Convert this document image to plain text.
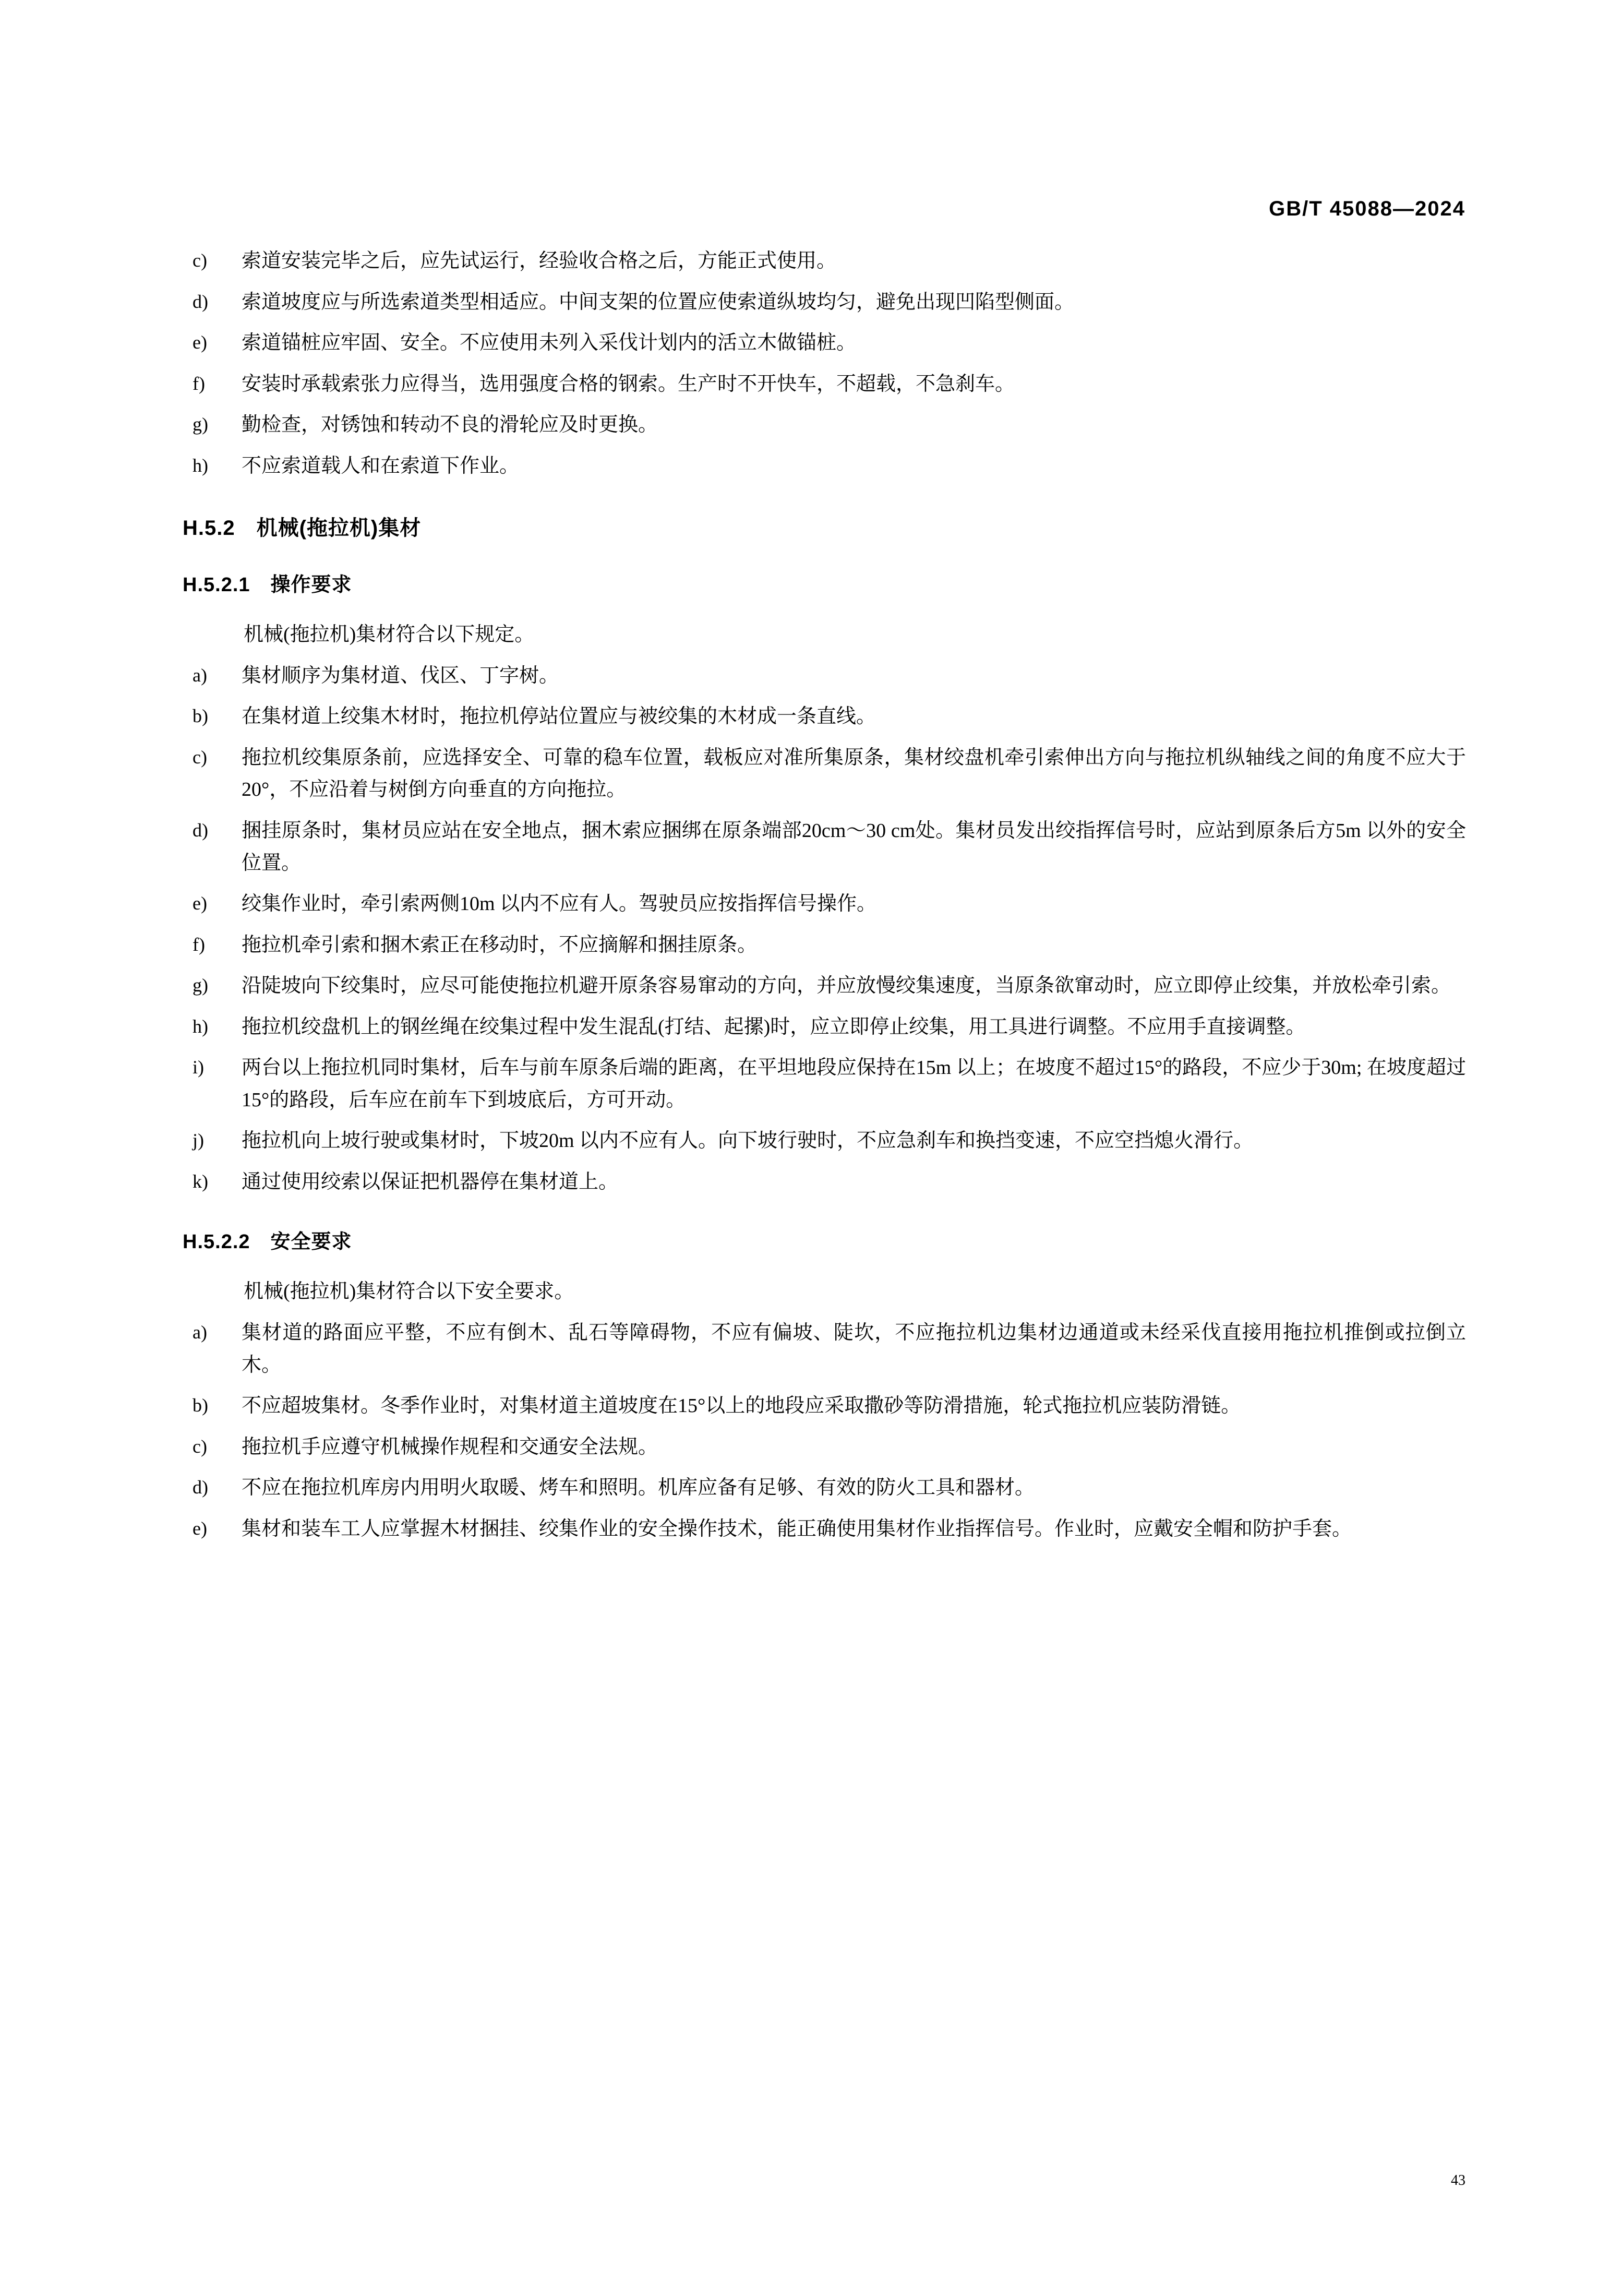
GB/T 45088—2024
c)	索道安装完毕之后，应先试运行，经验收合格之后，方能正式使用。
d)	索道坡度应与所选索道类型相适应。中间支架的位置应使索道纵坡均匀，避免出现凹陷型侧面。
e)	索道锚桩应牢固、安全。不应使用未列入采伐计划内的活立木做锚桩。
f)	安装时承载索张力应得当，选用强度合格的钢索。生产时不开快车，不超载，不急刹车。
g)	勤检查，对锈蚀和转动不良的滑轮应及时更换。
h)	不应索道载人和在索道下作业。
H.5.2　机械(拖拉机)集材
H.5.2.1　操作要求

机械(拖拉机)集材符合以下规定。

a)	集材顺序为集材道、伐区、丁字树。
b)	在集材道上绞集木材时，拖拉机停站位置应与被绞集的木材成一条直线。
c)	拖拉机绞集原条前，应选择安全、可靠的稳车位置，载板应对准所集原条，集材绞盘机牵引索伸出方向与拖拉机纵轴线之间的角度不应大于20°，不应沿着与树倒方向垂直的方向拖拉。
d)	捆挂原条时，集材员应站在安全地点，捆木索应捆绑在原条端部20cm～30 cm处。集材员发出绞指挥信号时，应站到原条后方5m 以外的安全位置。
e)	绞集作业时，牵引索两侧10m 以内不应有人。驾驶员应按指挥信号操作。
f)	拖拉机牵引索和捆木索正在移动时，不应摘解和捆挂原条。
g)	沿陡坡向下绞集时，应尽可能使拖拉机避开原条容易窜动的方向，并应放慢绞集速度，当原条欲窜动时，应立即停止绞集，并放松牵引索。
h)	拖拉机绞盘机上的钢丝绳在绞集过程中发生混乱(打结、起摞)时，应立即停止绞集，用工具进行调整。不应用手直接调整。
i)	两台以上拖拉机同时集材，后车与前车原条后端的距离，在平坦地段应保持在15m 以上；在坡度不超过15°的路段，不应少于30m; 在坡度超过15°的路段，后车应在前车下到坡底后，方可开动。
j)	拖拉机向上坡行驶或集材时，下坡20m 以内不应有人。向下坡行驶时，不应急刹车和换挡变速，不应空挡熄火滑行。
k)	通过使用绞索以保证把机器停在集材道上。
H.5.2.2　安全要求

机械(拖拉机)集材符合以下安全要求。

a)	集材道的路面应平整，不应有倒木、乱石等障碍物，不应有偏坡、陡坎，不应拖拉机边集材边通道或未经采伐直接用拖拉机推倒或拉倒立木。
b)	不应超坡集材。冬季作业时，对集材道主道坡度在15°以上的地段应采取撒砂等防滑措施，轮式拖拉机应装防滑链。
c)	拖拉机手应遵守机械操作规程和交通安全法规。
d)	不应在拖拉机库房内用明火取暖、烤车和照明。机库应备有足够、有效的防火工具和器材。
e)	集材和装车工人应掌握木材捆挂、绞集作业的安全操作技术，能正确使用集材作业指挥信号。作业时，应戴安全帽和防护手套。
43
